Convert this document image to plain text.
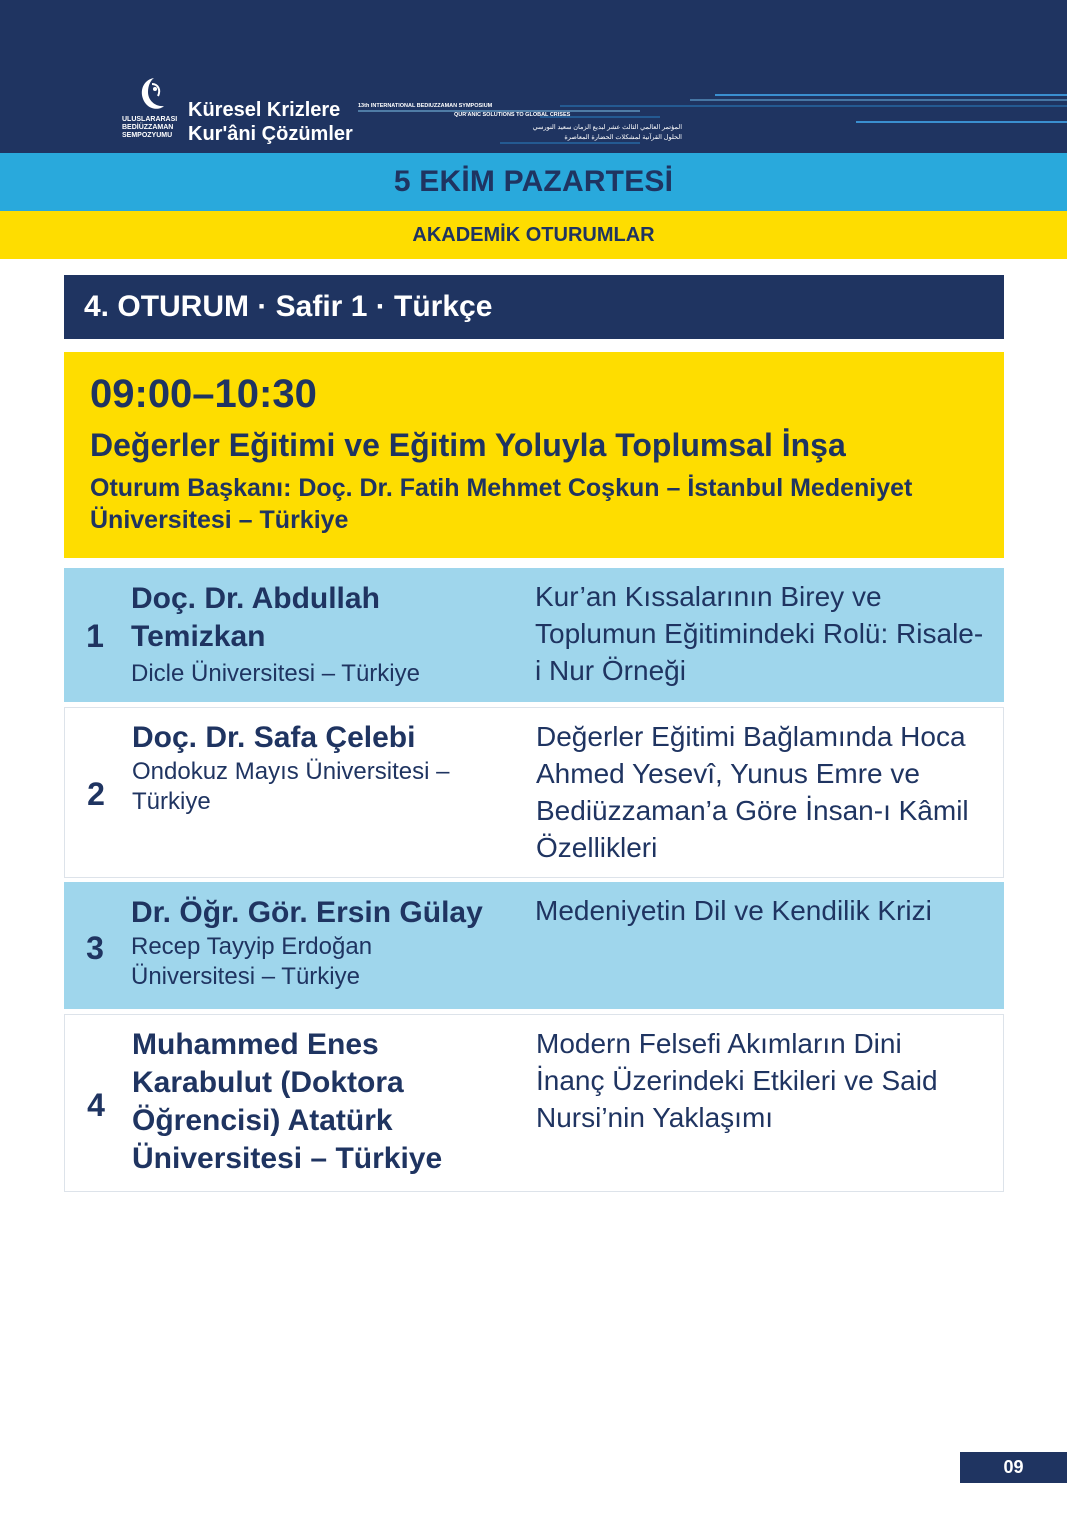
ULUSLARARASI
BEDİÜZZAMAN
SEMPOZYUMU
Küresel Krizlere
Kur'âni Çözümler
13th INTERNATIONAL BEDIUZZAMAN SYMPOSIUM
QUR'ANIC SOLUTIONS TO GLOBAL CRISES
المؤتمر العالمي الثالث عشر لبديع الزمان سعيد النورسي
الحلول القرآنية لمشكلات الحضارة المعاصرة
5 EKİM PAZARTESİ
AKADEMİK OTURUMLAR
4. OTURUM · Safir 1 · Türkçe
09:00–10:30
Değerler Eğitimi ve Eğitim Yoluyla Toplumsal İnşa
Oturum Başkanı: Doç. Dr. Fatih Mehmet Coşkun – İstanbul Medeniyet Üniversitesi – Türkiye
1
Doç. Dr. Abdullah Temizkan
Dicle Üniversitesi – Türkiye
Kur’an Kıssalarının Birey ve Toplumun Eğitimindeki Rolü: Risale-i Nur Örneği
2
Doç. Dr. Safa Çelebi
Ondokuz Mayıs Üniversitesi – Türkiye
Değerler Eğitimi Bağlamında Hoca Ahmed Yesevî, Yunus Emre ve Bediüzzaman’a Göre İnsan-ı Kâmil Özellikleri
3
Dr. Öğr. Gör. Ersin Gülay
Recep Tayyip Erdoğan Üniversitesi – Türkiye
Medeniyetin Dil ve Kendilik Krizi
4
Muhammed Enes Karabulut (Doktora Öğrencisi) Atatürk Üniversitesi – Türkiye
Modern Felsefi Akımların Dini İnanç Üzerindeki Etkileri ve Said Nursi’nin Yaklaşımı
09
